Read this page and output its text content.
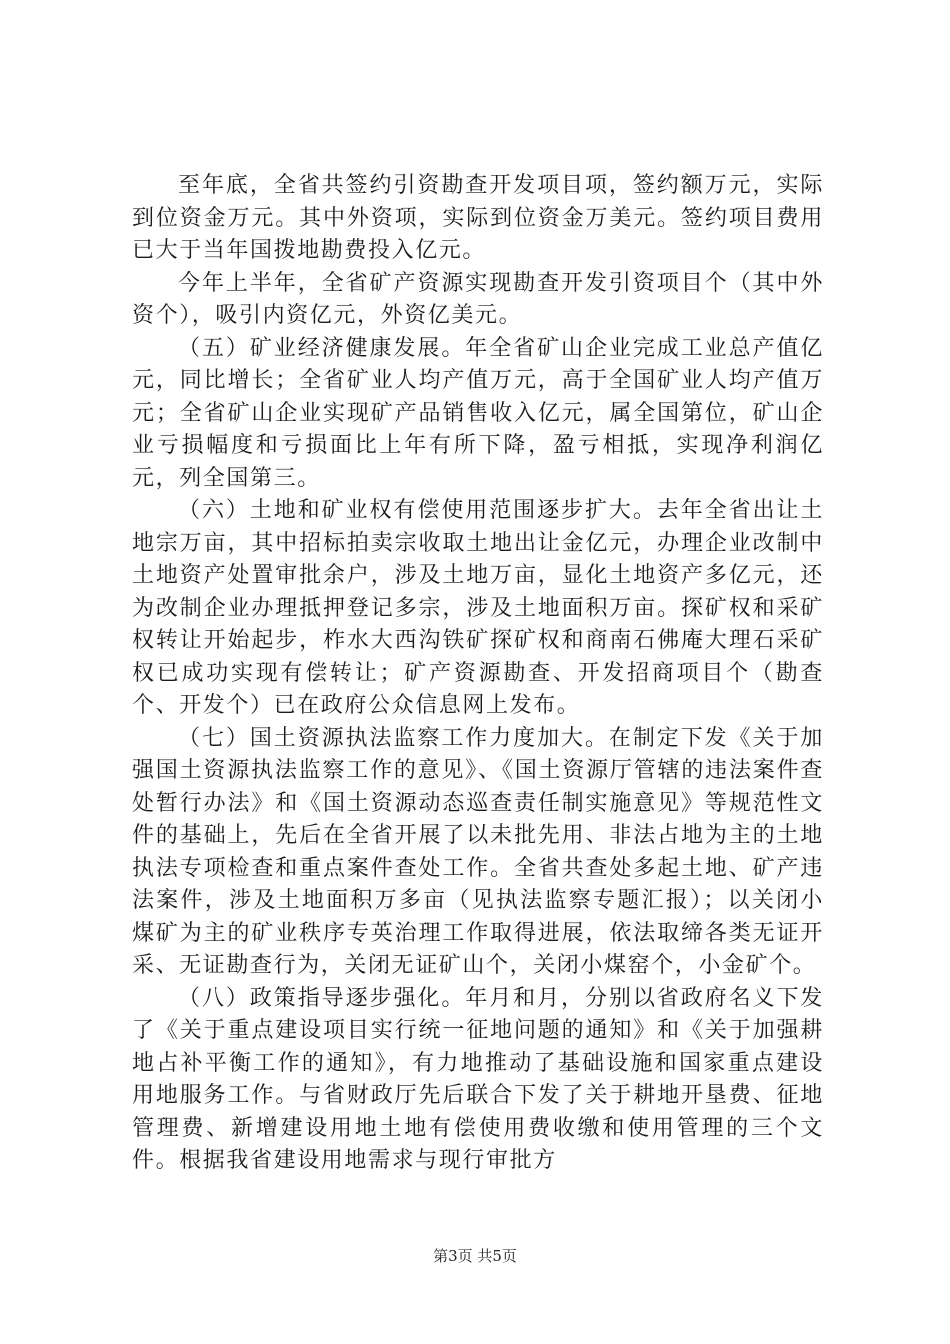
至年底，全省共签约引资勘查开发项目项，签约额万元，实际到位资金万元。其中外资项，实际到位资金万美元。签约项目费用已大于当年国拨地勘费投入亿元。

今年上半年，全省矿产资源实现勘查开发引资项目个（其中外资个），吸引内资亿元，外资亿美元。

（五）矿业经济健康发展。年全省矿山企业完成工业总产值亿元，同比增长；全省矿业人均产值万元，高于全国矿业人均产值万元；全省矿山企业实现矿产品销售收入亿元，属全国第位，矿山企业亏损幅度和亏损面比上年有所下降，盈亏相抵，实现净利润亿元，列全国第三。

（六）土地和矿业权有偿使用范围逐步扩大。去年全省出让土地宗万亩，其中招标拍卖宗收取土地出让金亿元，办理企业改制中土地资产处置审批余户，涉及土地万亩，显化土地资产多亿元，还为改制企业办理抵押登记多宗，涉及土地面积万亩。探矿权和采矿权转让开始起步，柞水大西沟铁矿探矿权和商南石佛庵大理石采矿权已成功实现有偿转让；矿产资源勘查、开发招商项目个（勘查个、开发个）已在政府公众信息网上发布。

（七）国土资源执法监察工作力度加大。在制定下发《关于加强国土资源执法监察工作的意见》、《国土资源厅管辖的违法案件查处暂行办法》和《国土资源动态巡查责任制实施意见》等规范性文件的基础上，先后在全省开展了以未批先用、非法占地为主的土地执法专项检查和重点案件查处工作。全省共查处多起土地、矿产违法案件，涉及土地面积万多亩（见执法监察专题汇报）；以关闭小煤矿为主的矿业秩序专英治理工作取得进展，依法取缔各类无证开采、无证勘查行为，关闭无证矿山个，关闭小煤窑个，小金矿个。

（八）政策指导逐步强化。年月和月，分别以省政府名义下发了《关于重点建设项目实行统一征地问题的通知》和《关于加强耕地占补平衡工作的通知》，有力地推动了基础设施和国家重点建设用地服务工作。与省财政厅先后联合下发了关于耕地开垦费、征地管理费、新增建设用地土地有偿使用费收缴和使用管理的三个文件。根据我省建设用地需求与现行审批方

第3页 共5页
